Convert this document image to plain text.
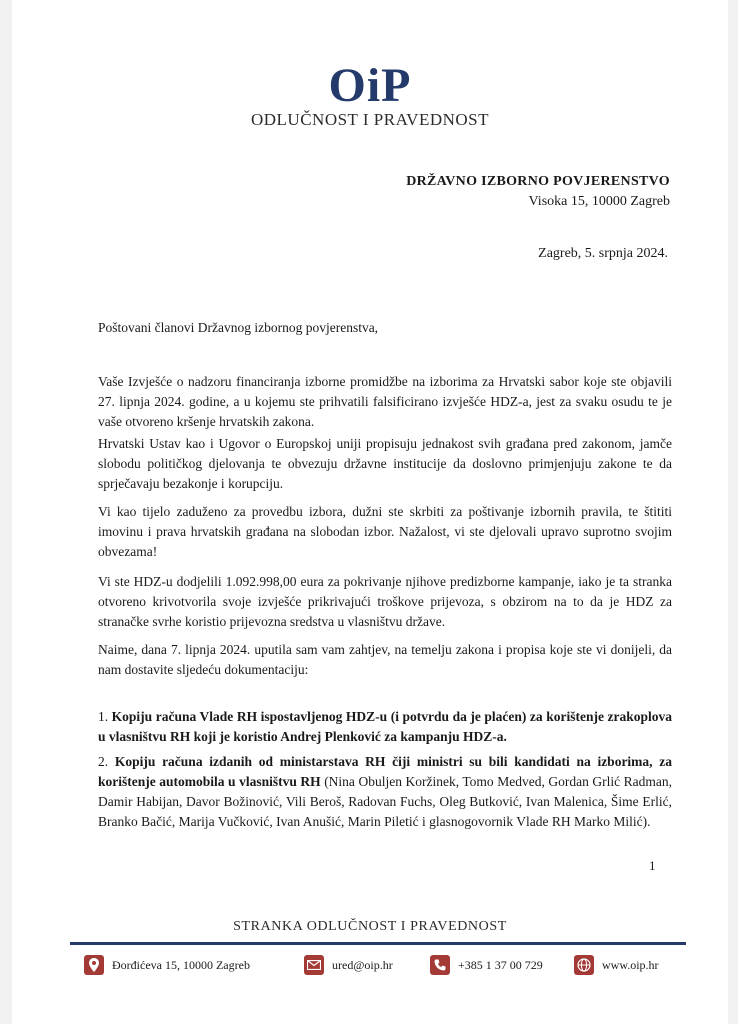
OiP
ODLUČNOST I PRAVEDNOST
DRŽAVNO IZBORNO POVJERENSTVO
Visoka 15, 10000 Zagreb
Zagreb, 5. srpnja 2024.
Poštovani članovi Državnog izbornog povjerenstva,
Vaše Izvješće o nadzoru financiranja izborne promidžbe na izborima za Hrvatski sabor koje ste objavili 27. lipnja 2024. godine, a u kojemu ste prihvatili falsificirano izvješće HDZ-a, jest za svaku osudu te je vaše otvoreno kršenje hrvatskih zakona.
Hrvatski Ustav kao i Ugovor o Europskoj uniji propisuju jednakost svih građana pred zakonom, jamče slobodu političkog djelovanja te obvezuju državne institucije da doslovno primjenjuju zakone te da sprječavaju bezakonje i korupciju.
Vi kao tijelo zaduženo za provedbu izbora, dužni ste skrbiti za poštivanje izbornih pravila, te štititi imovinu i prava hrvatskih građana na slobodan izbor. Nažalost, vi ste djelovali upravo suprotno svojim obvezama!
Vi ste HDZ-u dodjelili 1.092.998,00 eura za pokrivanje njihove predizborne kampanje, iako je ta stranka otvoreno krivotvorila svoje izvješće prikrivajući troškove prijevoza, s obzirom na to da je HDZ za stranačke svrhe koristio prijevozna sredstva u vlasništvu države.
Naime, dana 7. lipnja 2024. uputila sam vam zahtjev, na temelju zakona i propisa koje ste vi donijeli, da nam dostavite sljedeću dokumentaciju:
1. Kopiju računa Vlade RH ispostavljenog HDZ-u (i potvrdu da je plaćen) za korištenje zrakoplova u vlasništvu RH koji je koristio Andrej Plenković za kampanju HDZ-a.
2. Kopiju računa izdanih od ministarstava RH čiji ministri su bili kandidati na izborima, za korištenje automobila u vlasništvu RH (Nina Obuljen Koržinek, Tomo Medved, Gordan Grlić Radman, Damir Habijan, Davor Božinović, Vili Beroš, Radovan Fuchs, Oleg Butković, Ivan Malenica, Šime Erlić, Branko Bačić, Marija Vučković, Ivan Anušić, Marin Piletić i glasnogovornik Vlade RH Marko Milić).
1
STRANKA ODLUČNOST I PRAVEDNOST
Đorđićeva 15, 10000 Zagreb	ured@oip.hr	+385 1 37 00 729	www.oip.hr
